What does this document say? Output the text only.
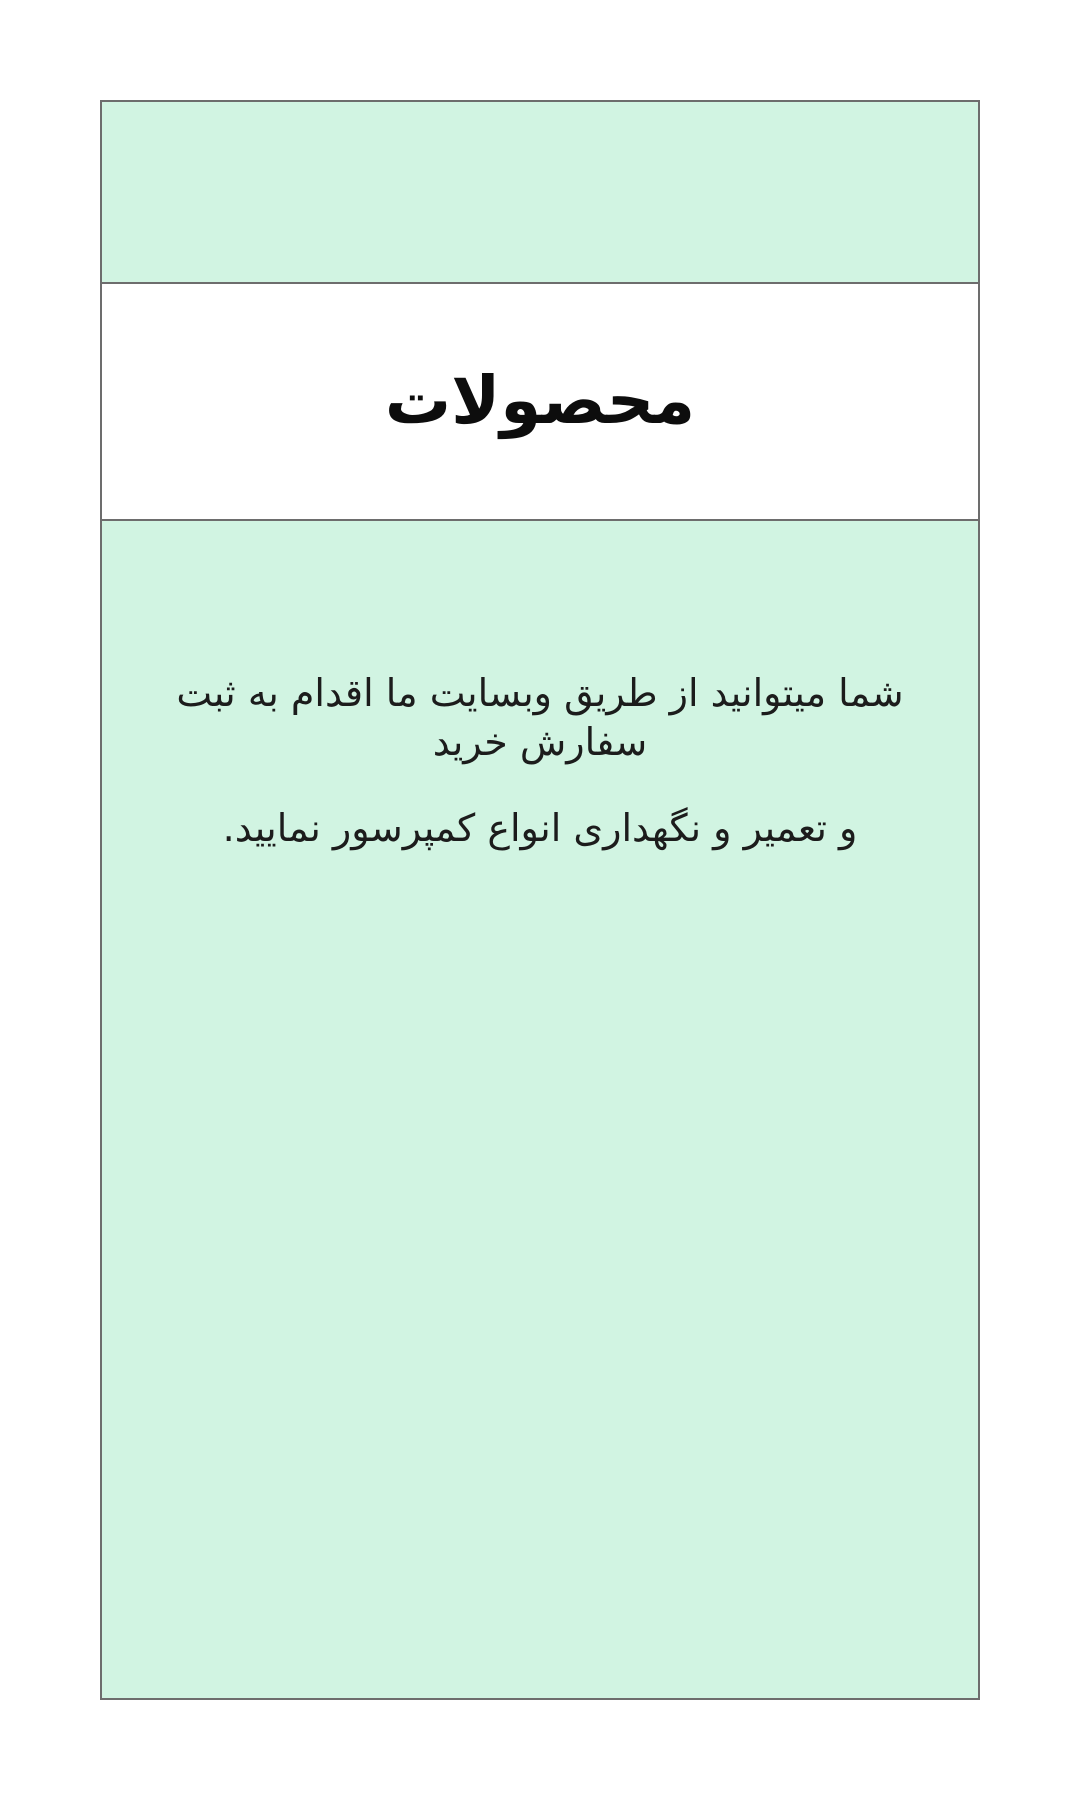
محصولات
شما میتوانید از طریق وبسایت ما اقدام به ثبت سفارش خرید
و تعمیر و نگهداری انواع کمپرسور نمایید.
